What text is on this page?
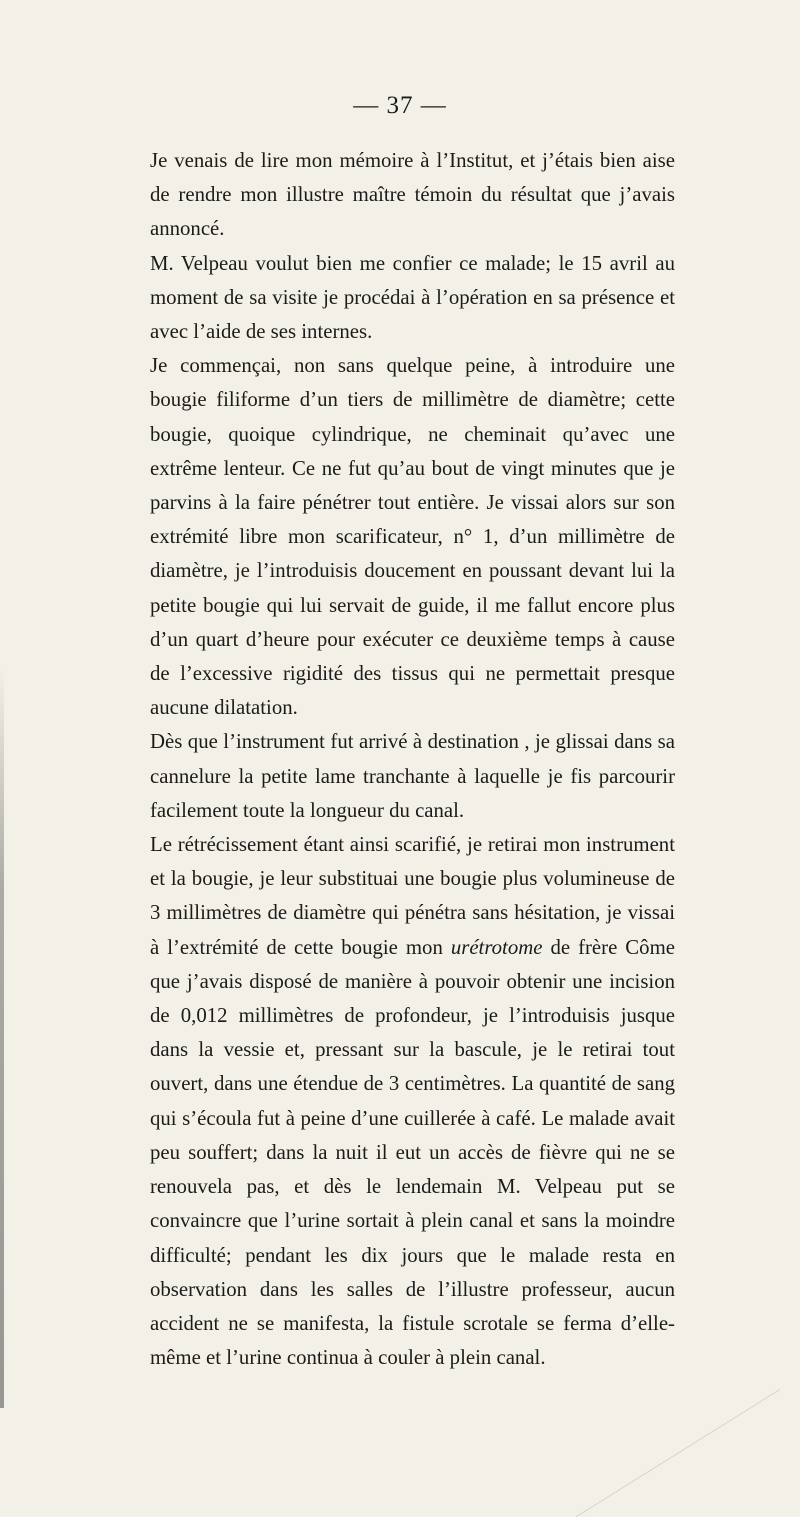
— 37 —

Je venais de lire mon mémoire à l’Institut, et j’étais bien aise de rendre mon illustre maître témoin du résultat que j’avais annoncé.

M. Velpeau voulut bien me confier ce malade; le 15 avril au moment de sa visite je procédai à l’opération en sa présence et avec l’aide de ses internes.

Je commençai, non sans quelque peine, à introduire une bougie filiforme d’un tiers de millimètre de diamètre; cette bougie, quoique cylindrique, ne cheminait qu’avec une extrême lenteur. Ce ne fut qu’au bout de vingt minutes que je parvins à la faire pénétrer tout entière. Je vissai alors sur son extrémité libre mon scarificateur, n° 1, d’un millimètre de diamètre, je l’introduisis doucement en poussant devant lui la petite bougie qui lui servait de guide, il me fallut encore plus d’un quart d’heure pour exécuter ce deuxième temps à cause de l’excessive rigidité des tissus qui ne permettait presque aucune dilatation.

Dès que l’instrument fut arrivé à destination , je glissai dans sa cannelure la petite lame tranchante à laquelle je fis parcourir facilement toute la longueur du canal.

Le rétrécissement étant ainsi scarifié, je retirai mon instrument et la bougie, je leur substituai une bougie plus volumineuse de 3 millimètres de diamètre qui pénétra sans hésitation, je vissai à l’extrémité de cette bougie mon urétrotome de frère Côme que j’avais disposé de manière à pouvoir obtenir une incision de 0,012 millimètres de profondeur, je l’introduisis jusque dans la vessie et, pressant sur la bascule, je le retirai tout ouvert, dans une étendue de 3 centimètres. La quantité de sang qui s’écoula fut à peine d’une cuillerée à café. Le malade avait peu souffert; dans la nuit il eut un accès de fièvre qui ne se renouvela pas, et dès le lendemain M. Velpeau put se convaincre que l’urine sortait à plein canal et sans la moindre difficulté; pendant les dix jours que le malade resta en observation dans les salles de l’illustre professeur, aucun accident ne se manifesta, la fistule scrotale se ferma d’elle-même et l’urine continua à couler à plein canal.
